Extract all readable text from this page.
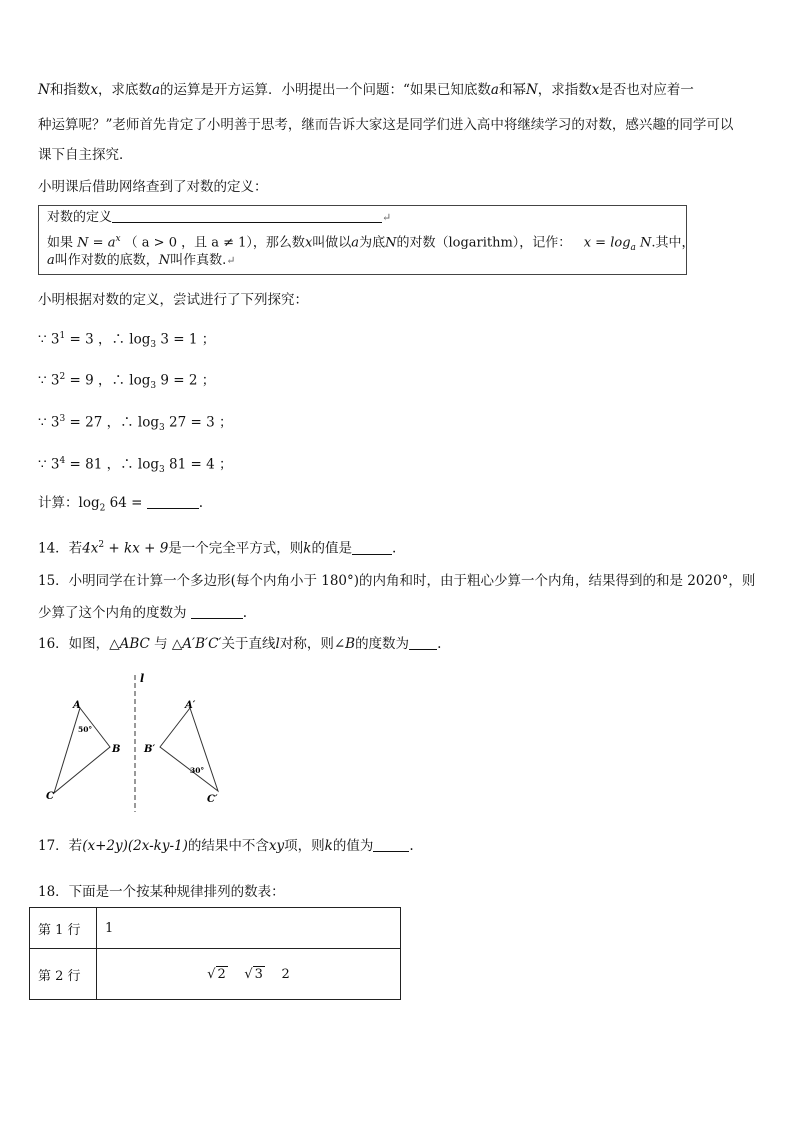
N和指数x，求底数a的运算是开方运算．小明提出一个问题：“如果已知底数a和幂N，求指数x是否也对应着一
种运算呢？”老师首先肯定了小明善于思考，继而告诉大家这是同学们进入高中将继续学习的对数，感兴趣的同学可以
课下自主探究．
小明课后借助网络查到了对数的定义：
对数的定义	↵
如果 $N = a^x$ （ a > 0 ，且 a ≠ 1），那么数x叫做以a为底N的对数（logarithm），记作： $x = \log_a N$.其中，
a叫作对数的底数，N叫作真数.↵
小明根据对数的定义，尝试进行了下列探究：
∵ $3^1 = 3$ ，∴ $\log_3 3 = 1$ ；
∵ $3^2 = 9$ ，∴ $\log_3 9 = 2$ ；
∵ $3^3 = 27$ ，∴ $\log_3 27 = 3$ ；
∵ $3^4 = 81$ ，∴ $\log_3 81 = 4$ ；
计算：$\log_2 64$ =	.
14．若$4x^2$ + kx + 9是一个完全平方式，则k的值是	.
15．小明同学在计算一个多边形(每个内角小于 180°)的内角和时，由于粗心少算一个内角，结果得到的和是 2020°，则
少算了这个内角的度数为	.
16．如图，△ABC 与 △A′B′C′关于直线l对称，则∠B的度数为 .
l
A
B
C
50°
A′
B′
C′
30°
17．若(x+2y)(2x-ky-1)的结果中不含xy项，则k的值为	.
18．下面是一个按某种规律排列的数表：
第 1 行	1
第 2 行	√ 2 √ 3 2
